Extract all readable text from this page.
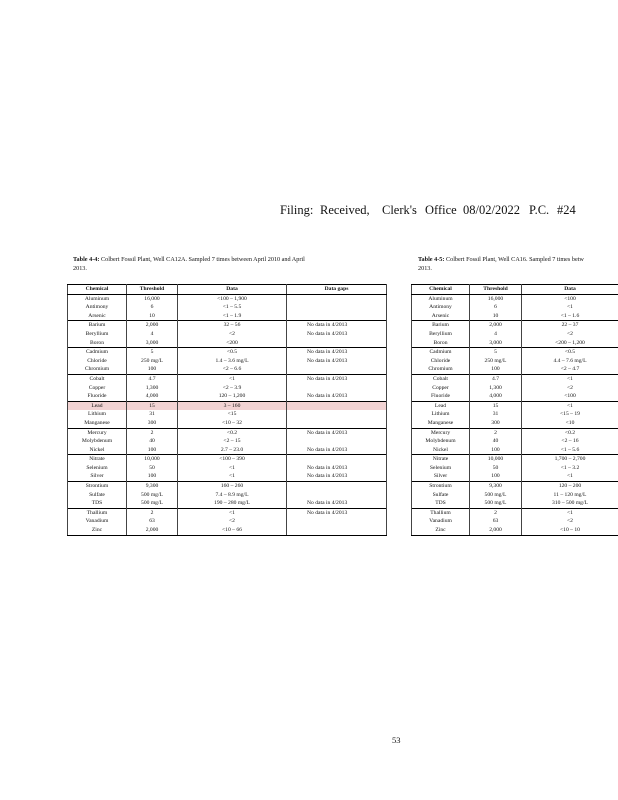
Filing: Received, Clerk's Office 08/02/2022 P.C. #24
Table 4-4: Colbert Fossil Plant, Well CA12A. Sampled 7 times between April 2010 and April
2013.
Chemical	Threshold	Data	Data gaps
Aluminum	16,000	<100 – 1,900	
Antimony	6	<1 – 5.5	
Arsenic	10	<1 – 1.9	
Barium	2,000	32 – 56	No data in 4/2013
Beryllium	4	<2	No data in 4/2013
Boron	3,000	<200	
Cadmium	5	<0.5	No data in 4/2013
Chloride	250 mg/L	1.4 – 3.6 mg/L	No data in 4/2013
Chromium	100	<2 – 6.6	
Cobalt	4.7	<1	No data in 4/2013
Copper	1,300	<2 – 3.9	
Fluoride	4,000	120 – 1,200	No data in 4/2013
Lead	15	3 – 160	
Lithium	31	<15	
Manganese	300	<10 – 32	
Mercury	2	<0.2	No data in 4/2013
Molybdenum	40	<2 – 15	
Nickel	100	2.7 – 23.0	No data in 4/2013
Nitrate	10,000	<100 – 390	
Selenium	50	<1	No data in 4/2013
Silver	100	<1	No data in 4/2013
Strontium	9,300	160 – 260	
Sulfate	500 mg/L	7.4 – 8.9 mg/L	
TDS	500 mg/L	190 – 280 mg/L	No data in 4/2013
Thallium	2	<1	No data in 4/2013
Vanadium	63	<2	
Zinc	2,000	<10 – 66	
Table 4-5: Colbert Fossil Plant, Well CA16. Sampled 7 times betw
2013.
Chemical	Threshold	Data
Aluminum	16,000	<100
Antimony	6	<1
Arsenic	10	<1 – 1.6
Barium	2,000	22 – 37
Beryllium	4	<2
Boron	3,000	<200 – 1,200
Cadmium	5	<0.5
Chloride	250 mg/L	4.4 – 7.6 mg/L
Chromium	100	<2 – 4.7
Cobalt	4.7	<1
Copper	1,300	<2
Fluoride	4,000	<100
Lead	15	<1
Lithium	31	<15 – 19
Manganese	300	<10
Mercury	2	<0.2
Molybdenum	40	<2 – 16
Nickel	100	<1 – 5.6
Nitrate	10,000	1,700 – 2,700
Selenium	50	<1 – 3.2
Silver	100	<1
Strontium	9,300	120 – 200
Sulfate	500 mg/L	11 – 120 mg/L
TDS	500 mg/L	310 – 500 mg/L
Thallium	2	<1
Vanadium	63	<2
Zinc	2,000	<10 – 10
53
